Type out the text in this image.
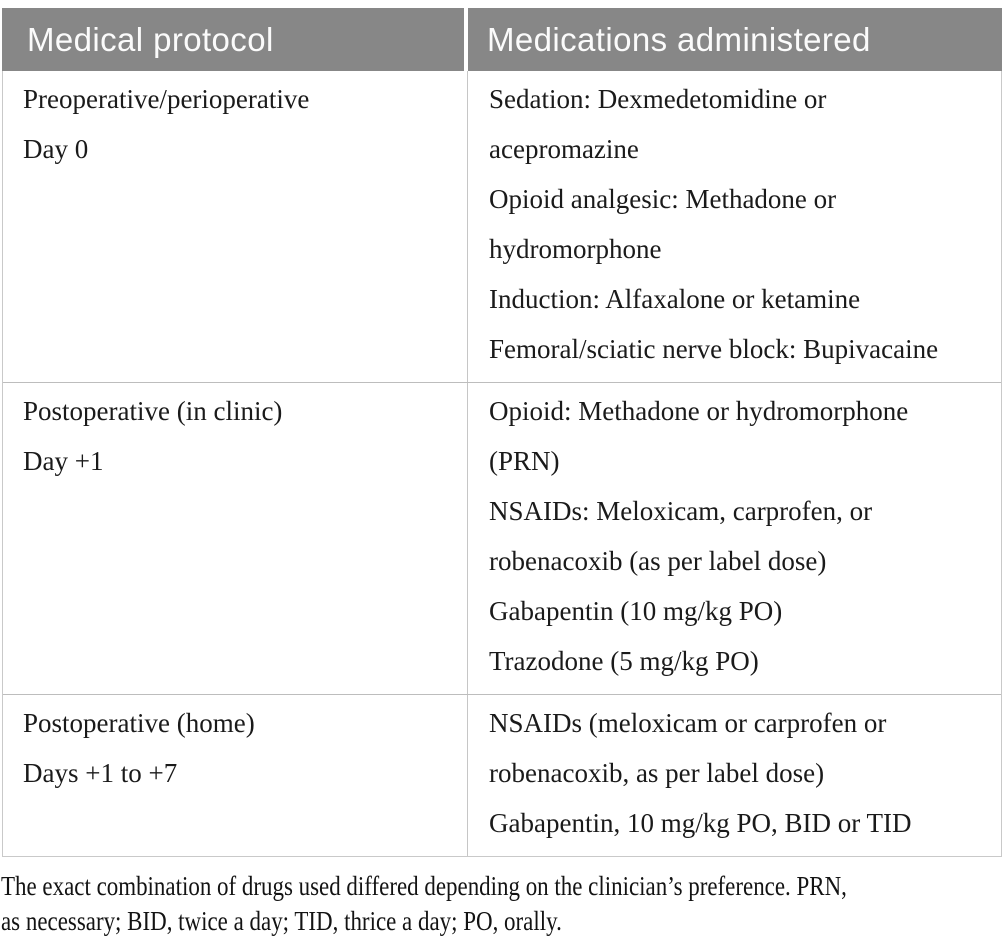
Medical protocol	Medications administered
Preoperative/perioperative
Day 0
Sedation: Dexmedetomidine or
acepromazine
Opioid analgesic: Methadone or
hydromorphone
Induction: Alfaxalone or ketamine
Femoral/sciatic nerve block: Bupivacaine
Postoperative (in clinic)
Day +1
Opioid: Methadone or hydromorphone
(PRN)
NSAIDs: Meloxicam, carprofen, or
robenacoxib (as per label dose)
Gabapentin (10 mg/kg PO)
Trazodone (5 mg/kg PO)
Postoperative (home)
Days +1 to +7
NSAIDs (meloxicam or carprofen or
robenacoxib, as per label dose)
Gabapentin, 10 mg/kg PO, BID or TID
The exact combination of drugs used differed depending on the clinician’s preference. PRN,
as necessary; BID, twice a day; TID, thrice a day; PO, orally.
